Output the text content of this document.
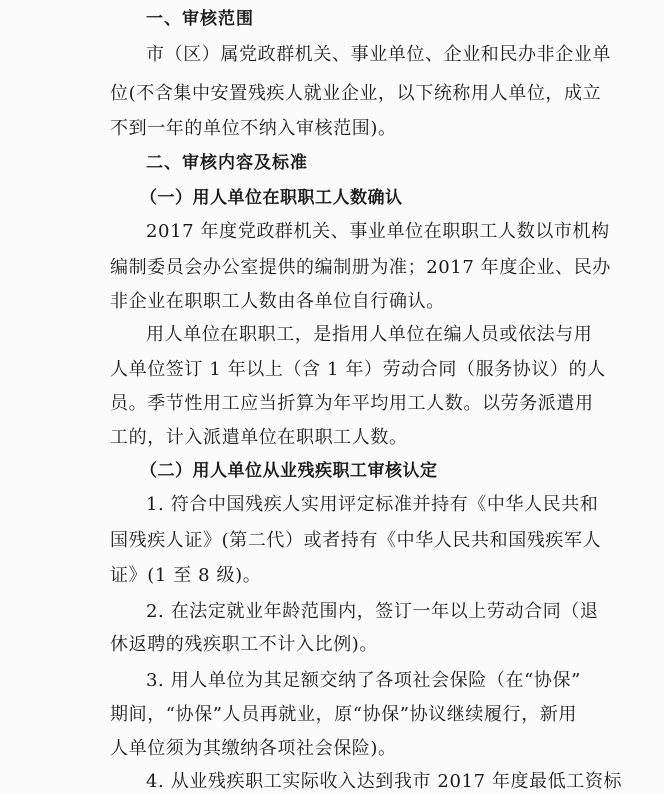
一、审核范围
市（区）属党政群机关、事业单位、企业和民办非企业单
位(不含集中安置残疾人就业企业，以下统称用人单位，成立
不到一年的单位不纳入审核范围)。
二、审核内容及标准
（一）用人单位在职职工人数确认
2017 年度党政群机关、事业单位在职职工人数以市机构
编制委员会办公室提供的编制册为准；2017 年度企业、民办
非企业在职职工人数由各单位自行确认。
用人单位在职职工，是指用人单位在编人员或依法与用
人单位签订 1 年以上（含 1 年）劳动合同（服务协议）的人
员。季节性用工应当折算为年平均用工人数。以劳务派遣用
工的，计入派遣单位在职职工人数。
（二）用人单位从业残疾职工审核认定
1. 符合中国残疾人实用评定标准并持有《中华人民共和
国残疾人证》(第二代）或者持有《中华人民共和国残疾军人
证》(1 至 8 级)。
2. 在法定就业年龄范围内，签订一年以上劳动合同（退
休返聘的残疾职工不计入比例)。
3. 用人单位为其足额交纳了各项社会保险（在“协保”
期间，“协保”人员再就业，原“协保”协议继续履行，新用
人单位须为其缴纳各项社会保险)。
4. 从业残疾职工实际收入达到我市 2017 年度最低工资标
